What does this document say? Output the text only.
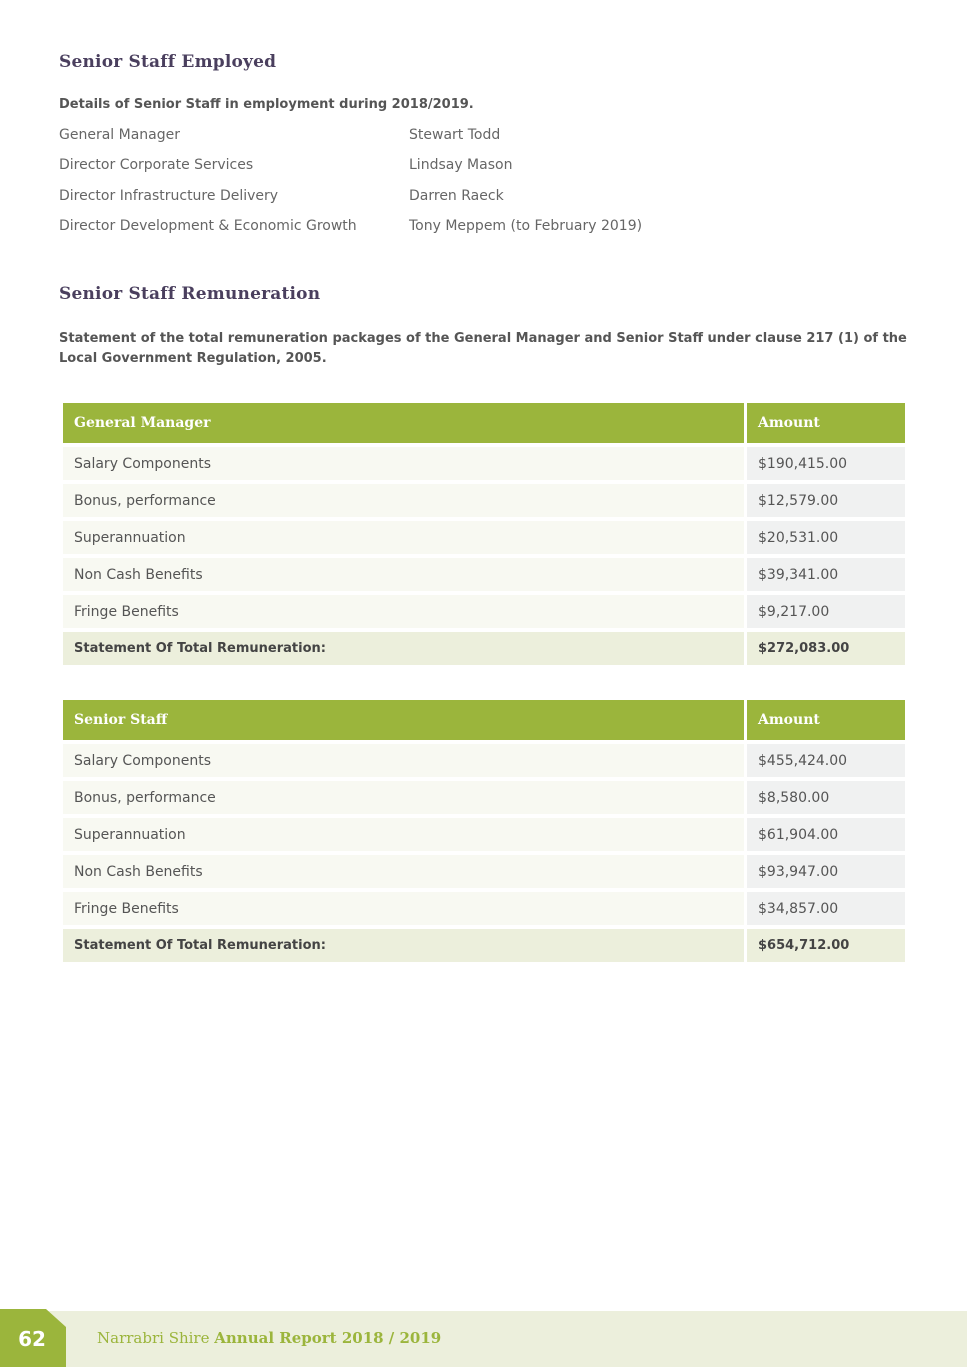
Senior Staff Employed

Details of Senior Staff in employment during 2018/2019.

General Manager	Stewart Todd
Director Corporate Services	Lindsay Mason
Director Infrastructure Delivery	Darren Raeck
Director Development & Economic Growth	Tony Meppem (to February 2019)
Senior Staff Remuneration

Statement of the total remuneration packages of the General Manager and Senior Staff under clause 217 (1) of the Local Government Regulation, 2005.

General Manager	Amount
Salary Components	$190,415.00
Bonus, performance	$12,579.00
Superannuation	$20,531.00
Non Cash Benefits	$39,341.00
Fringe Benefits	$9,217.00
Statement Of Total Remuneration:	$272,083.00
Senior Staff	Amount
Salary Components	$455,424.00
Bonus, performance	$8,580.00
Superannuation	$61,904.00
Non Cash Benefits	$93,947.00
Fringe Benefits	$34,857.00
Statement Of Total Remuneration:	$654,712.00
62	Narrabri Shire Annual Report 2018 / 2019
